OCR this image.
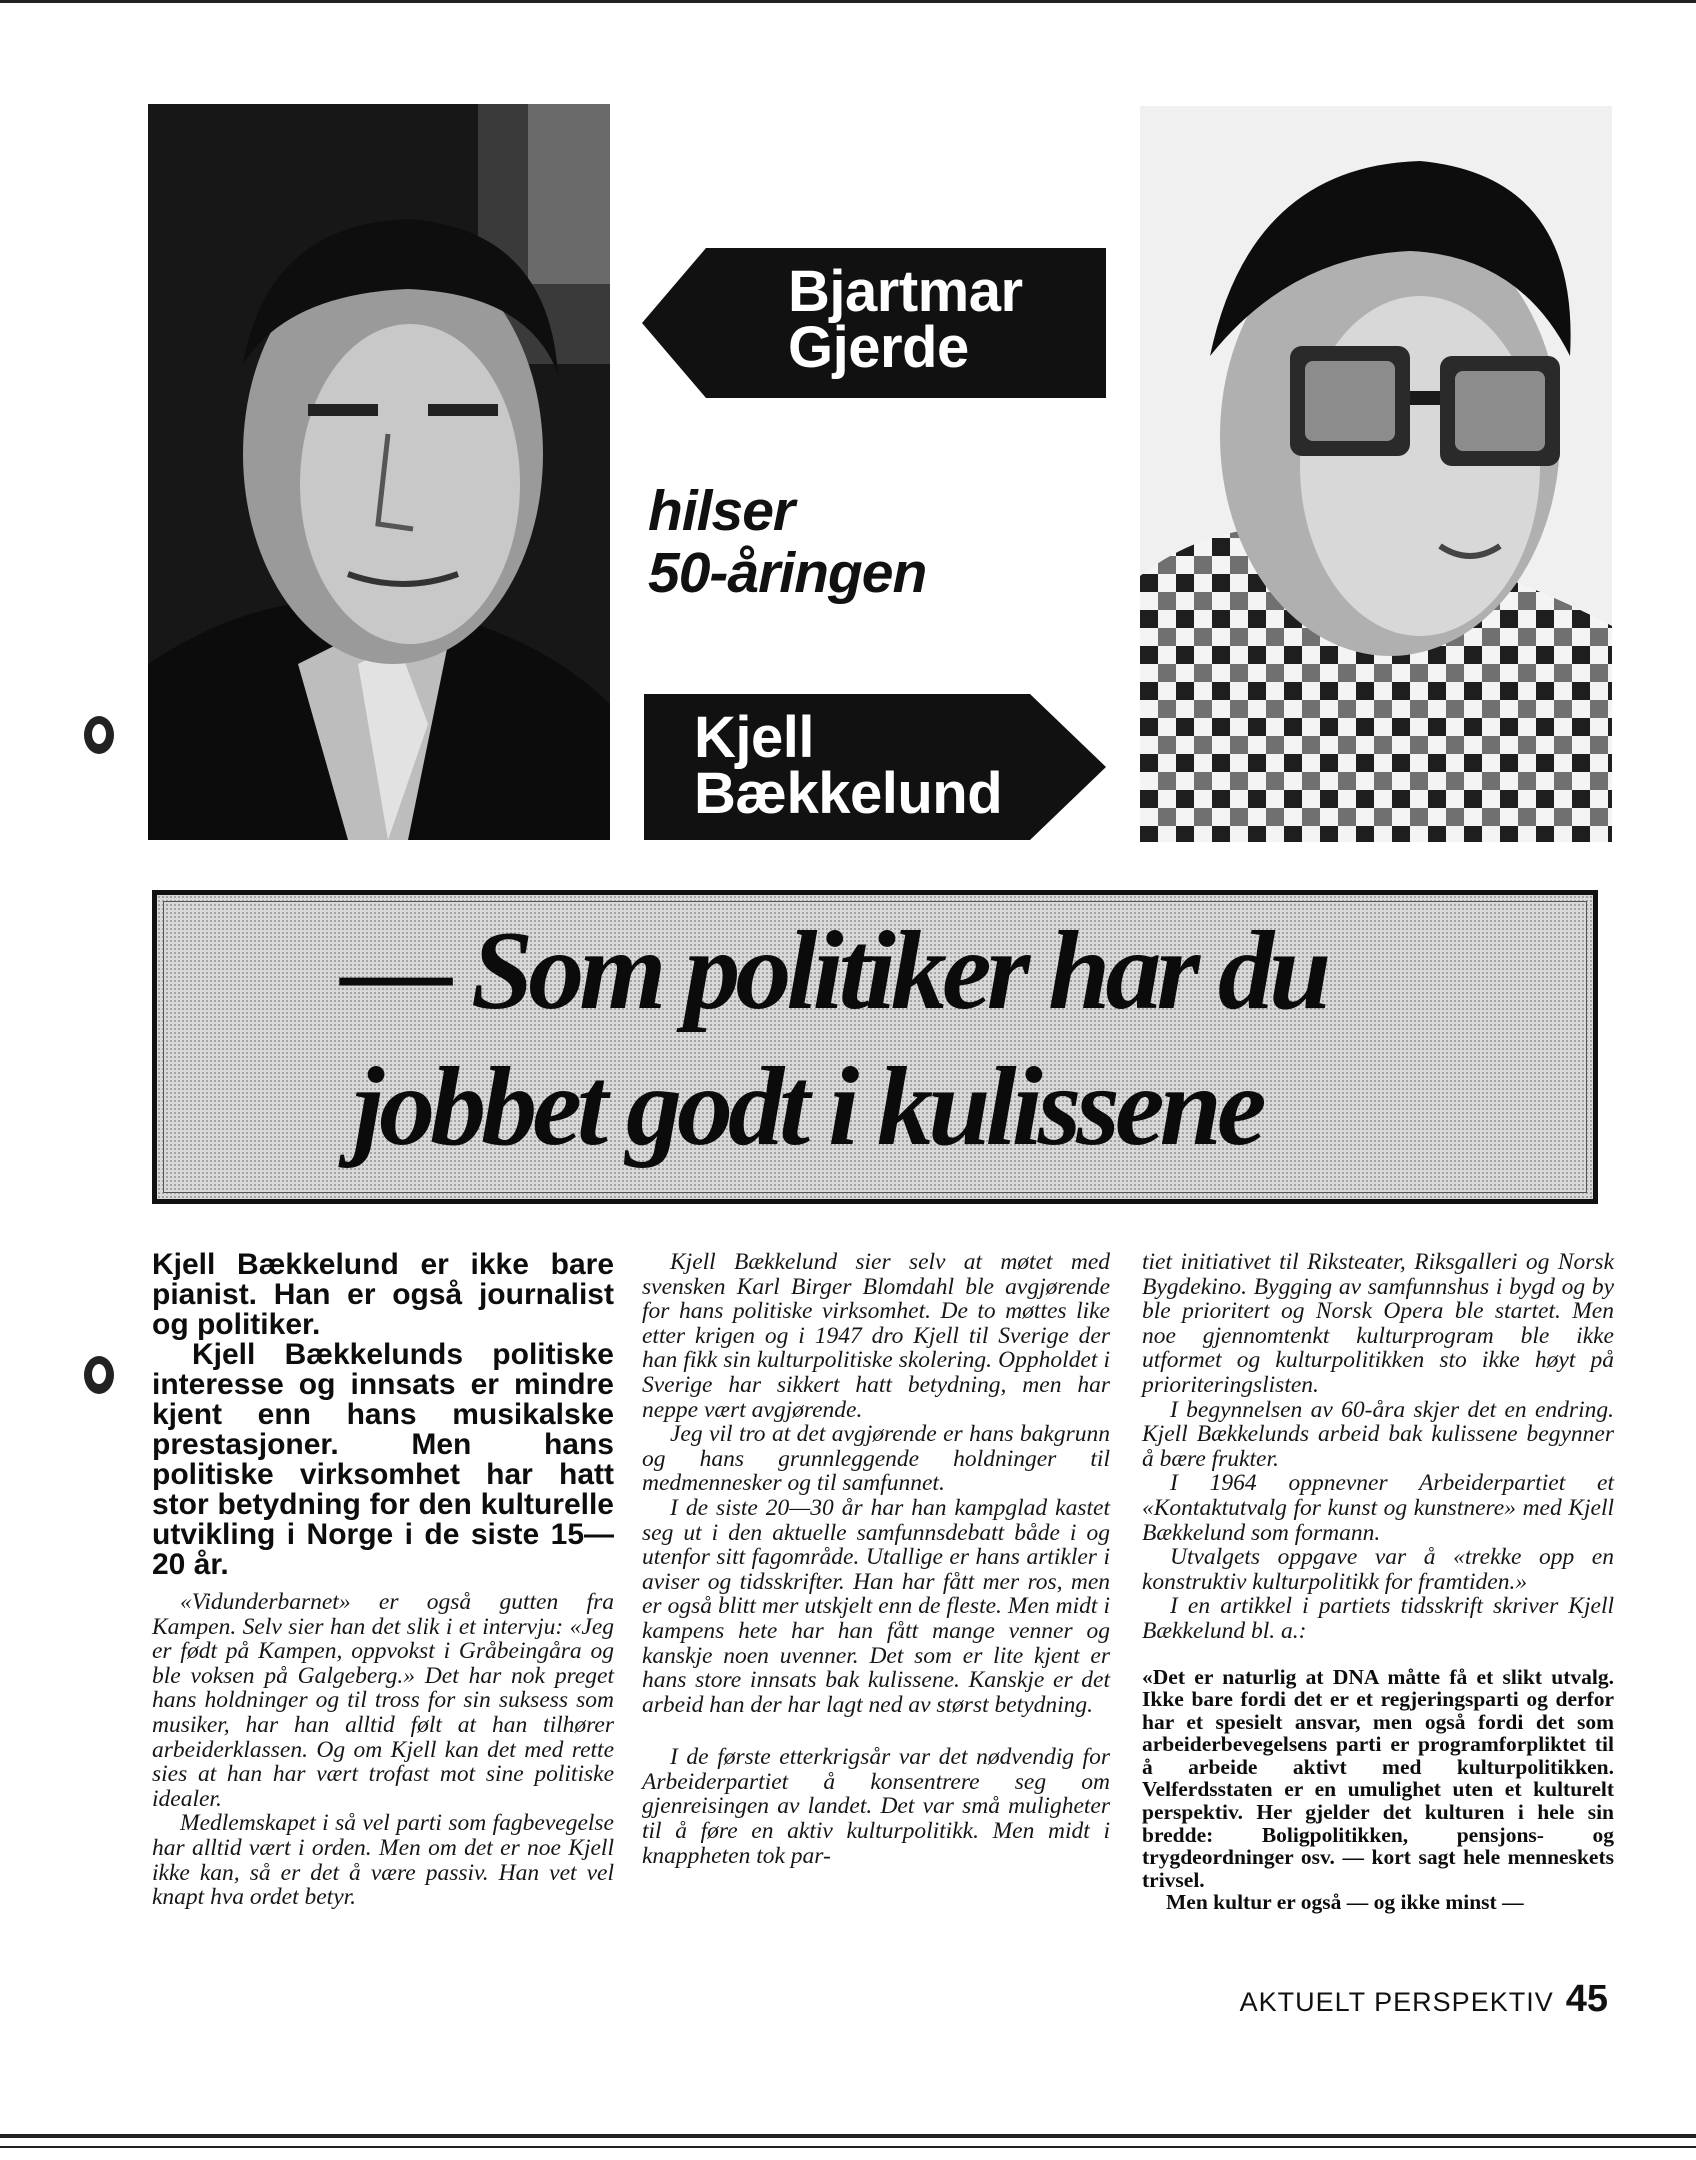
Bjartmar
Gjerde
hilser
50-åringen
Kjell
Bækkelund
— Som politiker har du
jobbet godt i kulissene

Kjell Bækkelund er ikke bare pianist. Han er også journalist og politiker.

Kjell Bækkelunds politiske interesse og innsats er mindre kjent enn hans musikalske prestasjoner. Men hans politiske virksomhet har hatt stor betydning for den kulturelle utvikling i Norge i de siste 15—20 år.

«Vidunderbarnet» er også gutten fra Kampen. Selv sier han det slik i et intervju: «Jeg er født på Kampen, oppvokst i Gråbeingåra og ble voksen på Galgeberg.» Det har nok preget hans holdninger og til tross for sin suksess som musiker, har han alltid følt at han tilhører arbeiderklassen. Og om Kjell kan det med rette sies at han har vært trofast mot sine politiske idealer.

Medlemskapet i så vel parti som fagbevegelse har alltid vært i orden. Men om det er noe Kjell ikke kan, så er det å være passiv. Han vet vel knapt hva ordet betyr.

Kjell Bækkelund sier selv at møtet med svensken Karl Birger Blomdahl ble avgjørende for hans politiske virksomhet. De to møttes like etter krigen og i 1947 dro Kjell til Sverige der han fikk sin kulturpolitiske skolering. Oppholdet i Sverige har sikkert hatt betydning, men har neppe vært avgjørende.

Jeg vil tro at det avgjørende er hans bakgrunn og hans grunnleggende holdninger til medmennesker og til samfunnet.

I de siste 20—30 år har han kampglad kastet seg ut i den aktuelle samfunnsdebatt både i og utenfor sitt fagområde. Utallige er hans artikler i aviser og tidsskrifter. Han har fått mer ros, men er også blitt mer utskjelt enn de fleste. Men midt i kampens hete har han fått mange venner og kanskje noen uvenner. Det som er lite kjent er hans store innsats bak kulissene. Kanskje er det arbeid han der har lagt ned av størst betydning.

I de første etterkrigsår var det nødvendig for Arbeiderpartiet å konsentrere seg om gjenreisingen av landet. Det var små muligheter til å føre en aktiv kulturpolitikk. Men midt i knappheten tok par-

tiet initiativet til Riksteater, Riksgalleri og Norsk Bygdekino. Bygging av samfunnshus i bygd og by ble prioritert og Norsk Opera ble startet. Men noe gjennomtenkt kulturprogram ble ikke utformet og kulturpolitikken sto ikke høyt på prioriteringslisten.

I begynnelsen av 60-åra skjer det en endring. Kjell Bækkelunds arbeid bak kulissene begynner å bære frukter.

I 1964 oppnevner Arbeiderpartiet et «Kontaktutvalg for kunst og kunstnere» med Kjell Bækkelund som formann.

Utvalgets oppgave var å «trekke opp en konstruktiv kulturpolitikk for framtiden.»

I en artikkel i partiets tidsskrift skriver Kjell Bækkelund bl. a.:

«Det er naturlig at DNA måtte få et slikt utvalg. Ikke bare fordi det er et regjeringsparti og derfor har et spesielt ansvar, men også fordi det som arbeiderbevegelsens parti er programforpliktet til å arbeide aktivt med kulturpolitikken. Velferdsstaten er en umulighet uten et kulturelt perspektiv. Her gjelder det kulturen i hele sin bredde: Boligpolitikken, pensjons- og trygdeordninger osv. — kort sagt hele menneskets trivsel.

Men kultur er også — og ikke minst —

AKTUELT PERSPEKTIV 45
